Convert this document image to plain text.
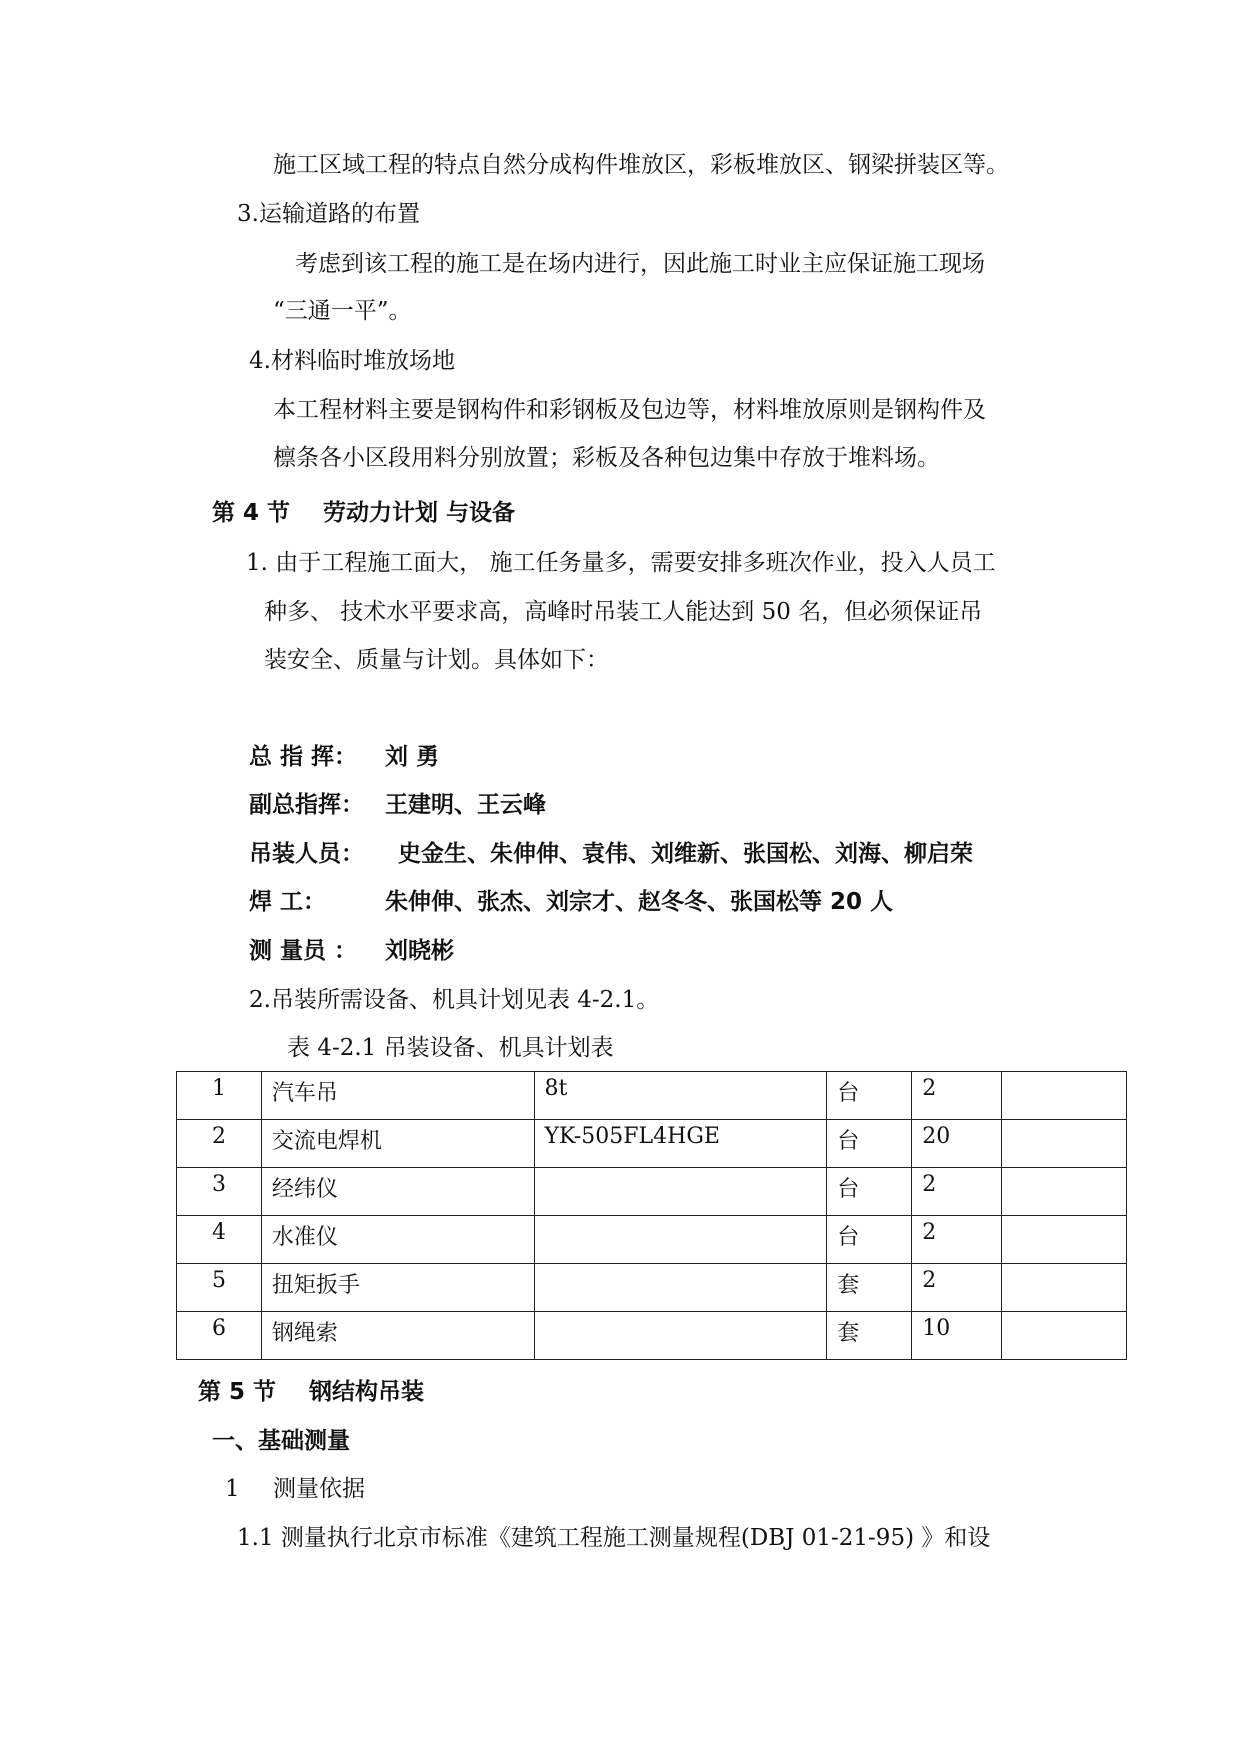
施工区域工程的特点自然分成构件堆放区，彩板堆放区、钢梁拼装区等。
3.运输道路的布置
考虑到该工程的施工是在场内进行，因此施工时业主应保证施工现场
“三通一平”。
4.材料临时堆放场地
本工程材料主要是钢构件和彩钢板及包边等，材料堆放原则是钢构件及
檩条各小区段用料分别放置；彩板及各种包边集中存放于堆料场。
第 4 节 劳动力计划 与设备
1. 由于工程施工面大， 施工任务量多，需要安排多班次作业，投入人员工
种多、 技术水平要求高，高峰时吊装工人能达到 50 名，但必须保证吊
装安全、质量与计划。具体如下：
总 指 挥： 刘 勇
副总指挥： 王建明、王云峰
吊装人员： 史金生、朱伸伸、袁伟、刘维新、张国松、刘海、柳启荣
焊 工：	朱伸伸、张杰、刘宗才、赵冬冬、张国松等 20 人
测 量员 ： 刘晓彬
2.吊装所需设备、机具计划见表 4-2.1。
表 4-2.1 吊装设备、机具计划表
1	汽车吊	8t	台	2	
2	交流电焊机	YK-505FL4HGE	台	20	
3	经纬仪		台	2	
4	水准仪		台	2	
5	扭矩扳手		套	2	
6	钢绳索		套	10	
第 5 节 钢结构吊装
一、基础测量
1 测量依据
1.1 测量执行北京市标准《建筑工程施工测量规程(DBJ 01-21-95) 》和设
